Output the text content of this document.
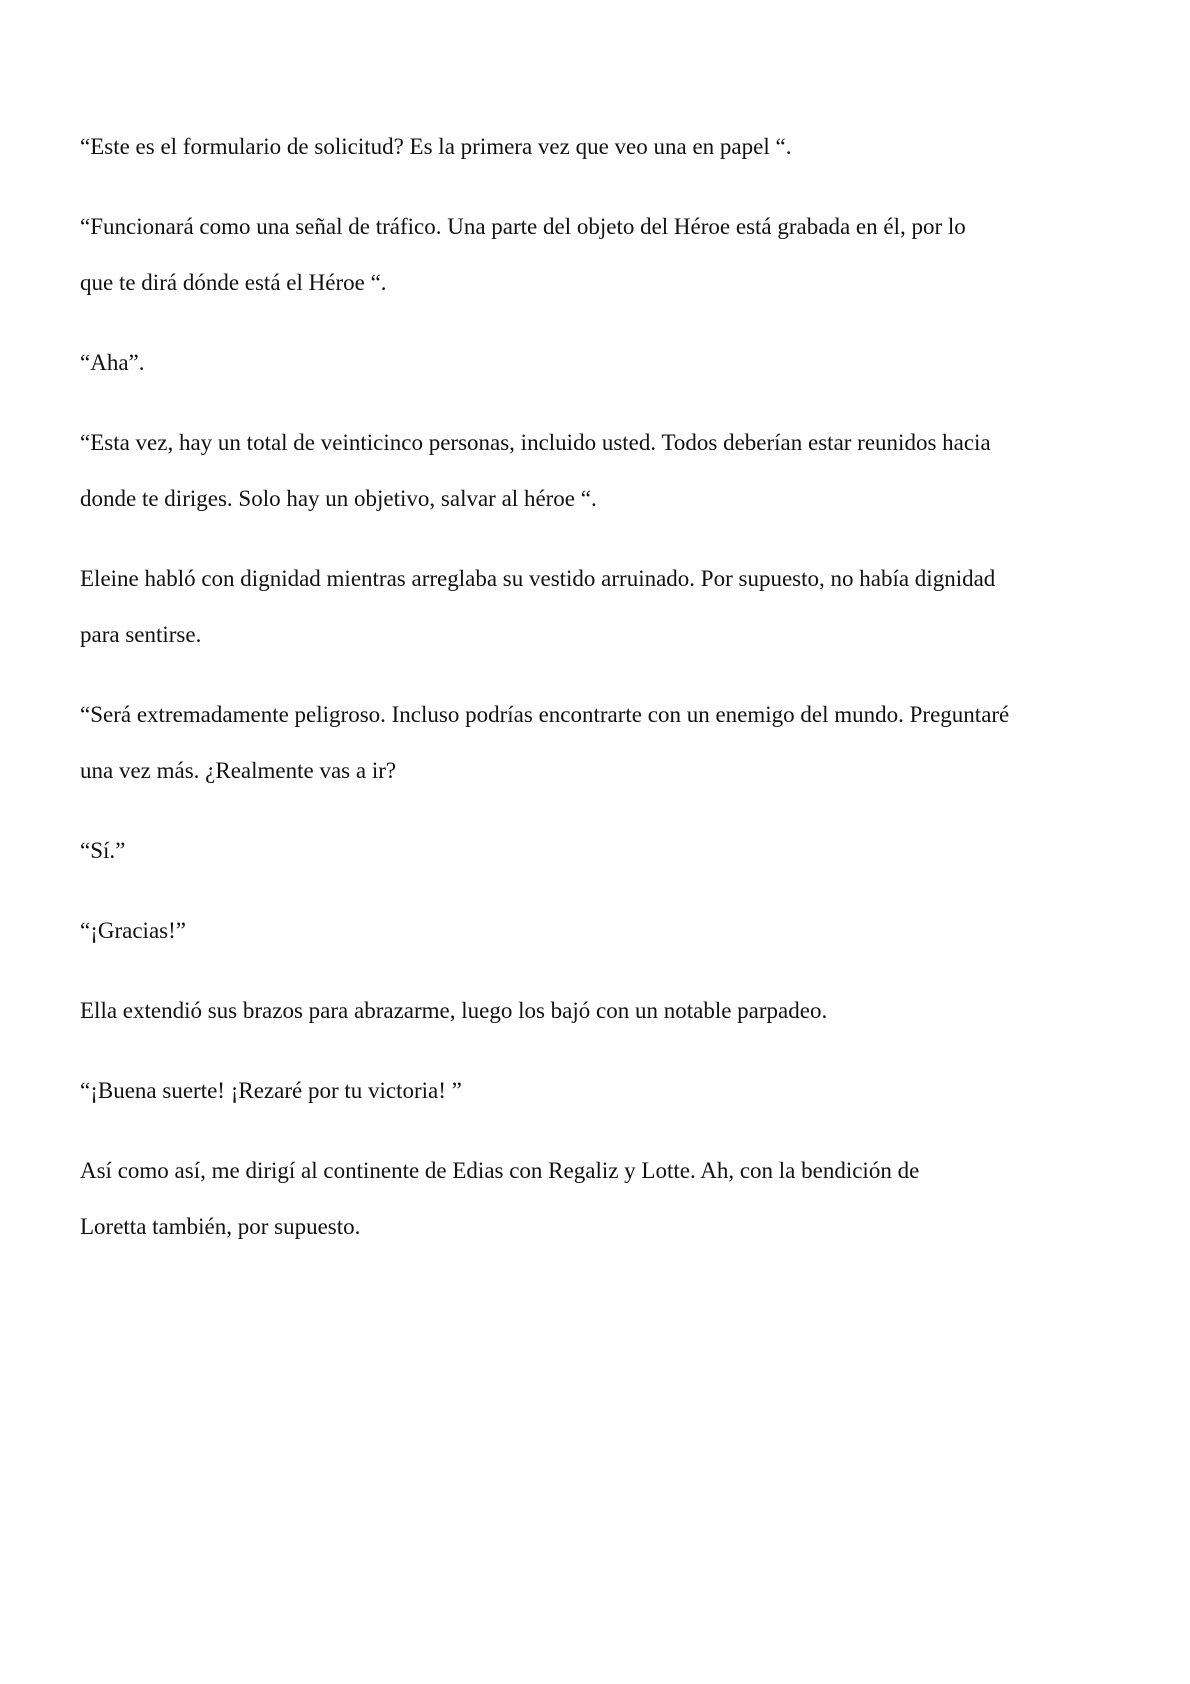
“Este es el formulario de solicitud? Es la primera vez que veo una en papel “.

“Funcionará como una señal de tráfico. Una parte del objeto del Héroe está grabada en él, por lo
que te dirá dónde está el Héroe “.

“Aha”.

“Esta vez, hay un total de veinticinco personas, incluido usted. Todos deberían estar reunidos hacia
donde te diriges. Solo hay un objetivo, salvar al héroe “.

Eleine habló con dignidad mientras arreglaba su vestido arruinado. Por supuesto, no había dignidad
para sentirse.

“Será extremadamente peligroso. Incluso podrías encontrarte con un enemigo del mundo. Preguntaré
una vez más. ¿Realmente vas a ir?

“Sí.”

“¡Gracias!”

Ella extendió sus brazos para abrazarme, luego los bajó con un notable parpadeo.

“¡Buena suerte! ¡Rezaré por tu victoria! ”

Así como así, me dirigí al continente de Edias con Regaliz y Lotte. Ah, con la bendición de
Loretta también, por supuesto.
